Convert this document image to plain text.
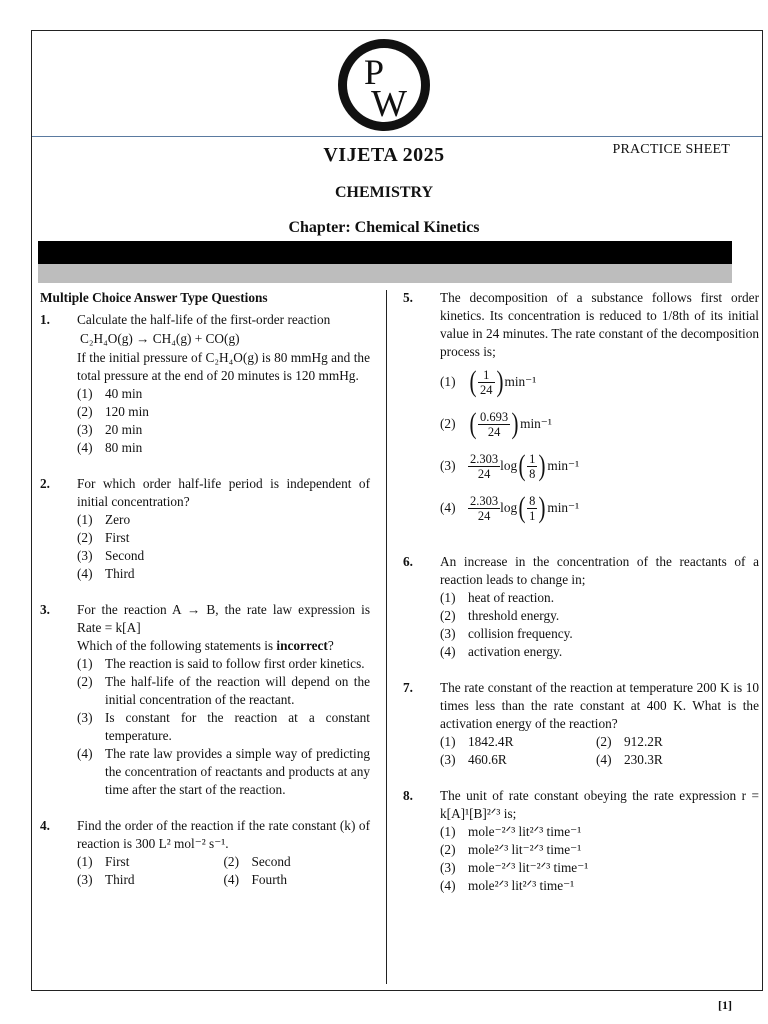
P
W
VIJETA 2025	PRACTICE SHEET
CHEMISTRY
Chapter: Chemical Kinetics
Multiple Choice Answer Type Questions
1. Calculate the half-life of the first-order reaction
C₂H₄O(g) → CH₄(g) + CO(g)
If the initial pressure of C₂H₄O(g) is 80 mmHg and the total pressure at the end of 20 minutes is 120 mmHg.
(1) 40 min
(2) 120 min
(3) 20 min
(4) 80 min
2. For which order half-life period is independent of initial concentration?
(1) Zero
(2) First
(3) Second
(4) Third
3. For the reaction A → B, the rate law expression is Rate = k[A]
Which of the following statements is incorrect?
(1) The reaction is said to follow first order kinetics.
(2) The half-life of the reaction will depend on the initial concentration of the reactant.
(3) Is constant for the reaction at a constant temperature.
(4) The rate law provides a simple way of predicting the concentration of reactants and products at any time after the start of the reaction.
4. Find the order of the reaction if the rate constant (k) of reaction is 300 L² mol⁻² s⁻¹.
(1) First	(2) Second
(3) Third	(4) Fourth
5. The decomposition of a substance follows first order kinetics. Its concentration is reduced to 1/8th of its initial value in 24 minutes. The rate constant of the decomposition process is;
(1) ( $\frac{1}{24}$ ) min⁻¹
(2) ( $\frac{0.693}{24}$ ) min⁻¹
$(3) \frac{2.303}{24}$ log ( $\frac{1}{8}$ ) min⁻¹
$(4) \frac{2.303}{24}$ log ( $\frac{8}{1}$ ) min⁻¹
6. An increase in the concentration of the reactants of a reaction leads to change in;
(1) heat of reaction.
(2) threshold energy.
(3) collision frequency.
(4) activation energy.
7. The rate constant of the reaction at temperature 200 K is 10 times less than the rate constant at 400 K. What is the activation energy of the reaction?
(1) 1842.4R	(2) 912.2R
(3) 460.6R	(4) 230.3R
8. The unit of rate constant obeying the rate expression r = k[A]¹[B]²ᐟ³ is;
(1) mole⁻²ᐟ³ lit²ᐟ³ time⁻¹
(2) mole²ᐟ³ lit⁻²ᐟ³ time⁻¹
(3) mole⁻²ᐟ³ lit⁻²ᐟ³ time⁻¹
(4) mole²ᐟ³ lit²ᐟ³ time⁻¹
[1]
